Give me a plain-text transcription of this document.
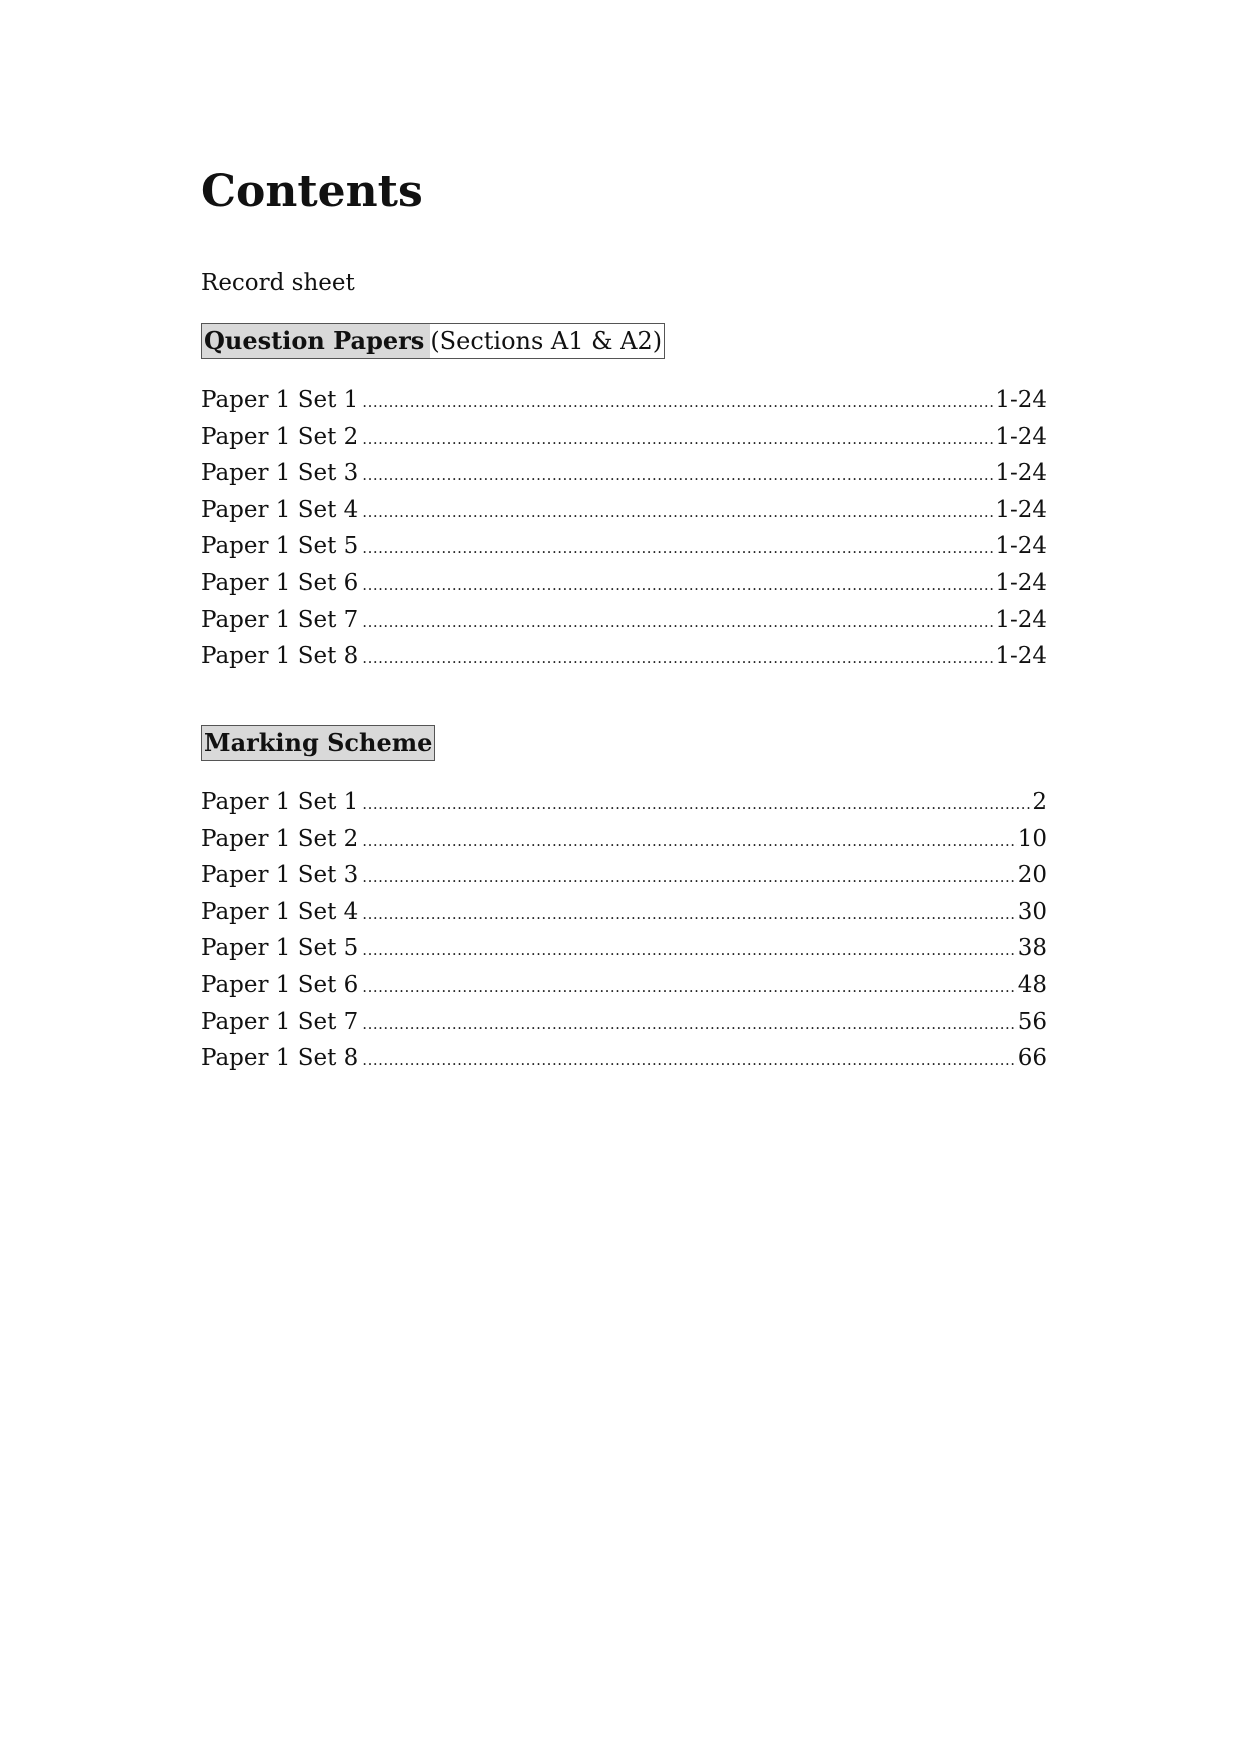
Contents
Record sheet
Question Papers (Sections A1 & A2)
Paper 1 Set 1 .....	1-24
Paper 1 Set 2 .....	1-24
Paper 1 Set 3 .....	1-24
Paper 1 Set 4 .....	1-24
Paper 1 Set 5 .....	1-24
Paper 1 Set 6 .....	1-24
Paper 1 Set 7 .....	1-24
Paper 1 Set 8 .....	1-24
Marking Scheme
Paper 1 Set 1 .....	2
Paper 1 Set 2 .....	10
Paper 1 Set 3 .....	20
Paper 1 Set 4 .....	30
Paper 1 Set 5 .....	38
Paper 1 Set 6 .....	48
Paper 1 Set 7 .....	56
Paper 1 Set 8 .....	66
